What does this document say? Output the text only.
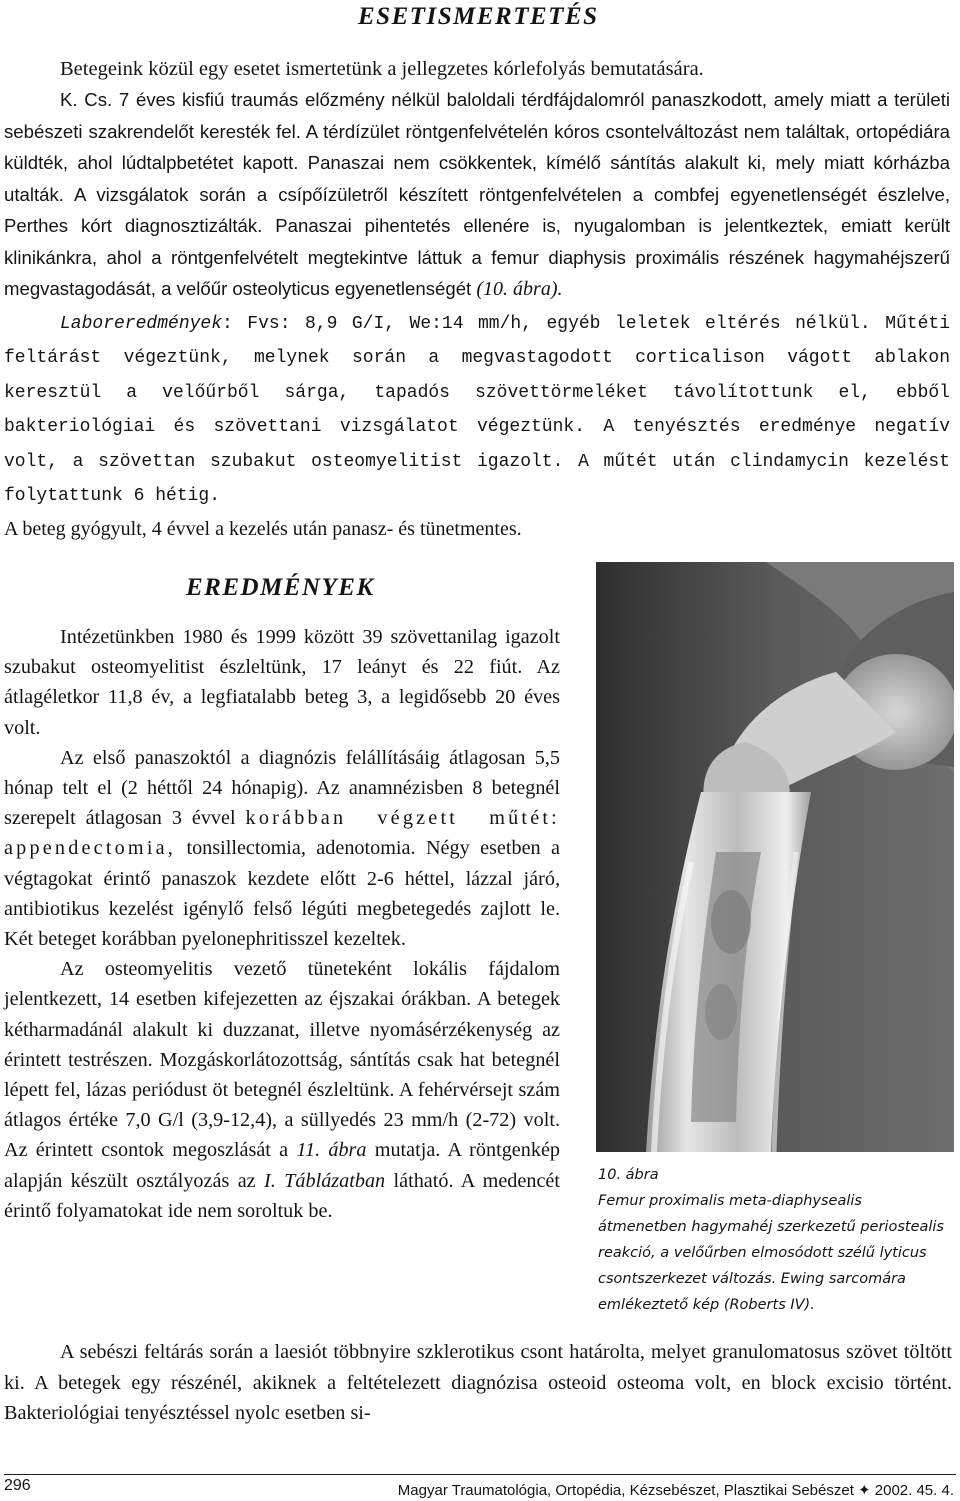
ESETISMERTETÉS

Betegeink közül egy esetet ismertetünk a jellegzetes kórlefolyás bemutatására.

K. Cs. 7 éves kisfiú traumás előzmény nélkül baloldali térdfájdalomról panaszkodott, amely miatt a területi sebészeti szakrendelőt keresték fel. A térdízület röntgenfelvételén kóros csontelváltozást nem találtak, ortopédiára küldték, ahol lúdtalpbetétet kapott. Panaszai nem csökkentek, kímélő sántítás alakult ki, mely miatt kórházba utalták. A vizsgálatok során a csípőízületről készített röntgenfelvételen a combfej egyenetlenségét észlelve, Perthes kórt diagnosztizálták. Panaszai pihentetés ellenére is, nyugalomban is jelentkeztek, emiatt került klinikánkra, ahol a röntgenfelvételt megtekintve láttuk a femur diaphysis proximális részének hagymahéjszerű megvastagodását, a velőűr osteolyticus egyenetlenségét (10. ábra).
Laboreredmények: Fvs: 8,9 G/I, We:14 mm/h, egyéb leletek eltérés nélkül. Műtéti feltárást végeztünk, melynek során a megvastagodott corticalison vágott ablakon keresztül a velőűrből sárga, tapadós szövettörmeléket távolítottunk el, ebből bakteriológiai és szövettani vizsgálatot végeztünk. A tenyésztés eredménye negatív volt, a szövettan szubakut osteomyelitist igazolt. A műtét után clindamycin kezelést folytattunk 6 hétig.
A beteg gyógyult, 4 évvel a kezelés után panasz- és tünetmentes.

EREDMÉNYEK

Intézetünkben 1980 és 1999 között 39 szövettanilag igazolt szubakut osteomyelitist észleltünk, 17 leányt és 22 fiút. Az átlagéletkor 11,8 év, a legfiatalabb beteg 3, a legidősebb 20 éves volt.

Az első panaszoktól a diagnózis felállításáig átlagosan 5,5 hónap telt el (2 héttől 24 hónapig). Az anamnézisben 8 betegnél szerepelt átlagosan 3 évvel korábban végzett műtét: appendectomia, tonsillectomia, adenotomia. Négy esetben a végtagokat érintő panaszok kezdete előtt 2-6 héttel, lázzal járó, antibiotikus kezelést igénylő felső légúti megbetegedés zajlott le. Két beteget korábban pyelonephritisszel kezeltek.

Az osteomyelitis vezető tüneteként lokális fájdalom jelentkezett, 14 esetben kifejezetten az éjszakai órákban. A betegek kétharmadánál alakult ki duzzanat, illetve nyomásérzékenység az érintett testrészen. Mozgáskorlátozottság, sántítás csak hat betegnél lépett fel, lázas periódust öt betegnél észleltünk. A fehérvérsejt szám átlagos értéke 7,0 G/l (3,9-12,4), a süllyedés 23 mm/h (2-72) volt. Az érintett csontok megoszlását a 11. ábra mutatja. A röntgenkép alapján készült osztályozás az I. Táblázatban látható. A medencét érintő folyamatokat ide nem soroltuk be.

10. ábra

Femur proximalis meta-diaphysealis átmenetben hagymahéj szerkezetű periostealis reakció, a velőűrben elmosódott szélű lyticus csontszerkezet változás. Ewing sarcomára emlékeztető kép (Roberts IV).

A sebészi feltárás során a laesiót többnyire szklerotikus csont határolta, melyet granulomatosus szövet töltött ki. A betegek egy részénél, akiknek a feltételezett diagnózisa osteoid osteoma volt, en block excisio történt. Bakteriológiai tenyésztéssel nyolc esetben si-

296	Magyar Traumatológia, Ortopédia, Kézsebészet, Plasztikai Sebészet ✦ 2002. 45. 4.
